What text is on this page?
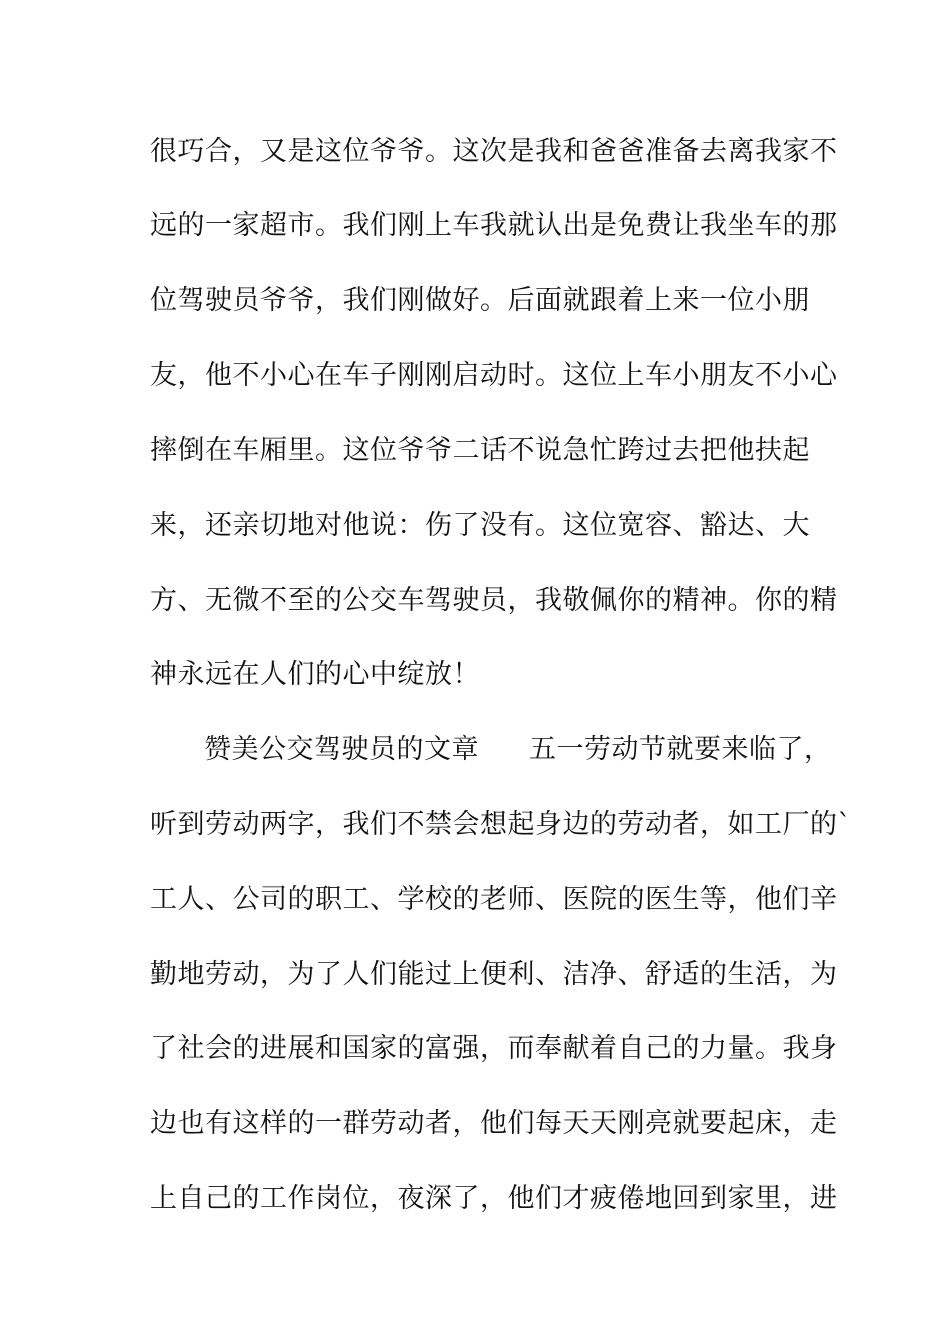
很巧合，又是这位爷爷。这次是我和爸爸准备去离我家不
远的一家超市。我们刚上车我就认出是免费让我坐车的那
位驾驶员爷爷，我们刚做好。后面就跟着上来一位小朋
友，他不小心在车子刚刚启动时。这位上车小朋友不小心
摔倒在车厢里。这位爷爷二话不说急忙跨过去把他扶起
来，还亲切地对他说：伤了没有。这位宽容、豁达、大
方、无微不至的公交车驾驶员，我敬佩你的精神。你的精
神永远在人们的心中绽放！
赞美公交驾驶员的文章 五一劳动节就要来临了，
听到劳动两字，我们不禁会想起身边的劳动者，如工厂的`
工人、公司的职工、学校的老师、医院的医生等，他们辛
勤地劳动，为了人们能过上便利、洁净、舒适的生活，为
了社会的进展和国家的富强，而奉献着自己的力量。我身
边也有这样的一群劳动者，他们每天天刚亮就要起床，走
上自己的工作岗位，夜深了，他们才疲倦地回到家里，进
